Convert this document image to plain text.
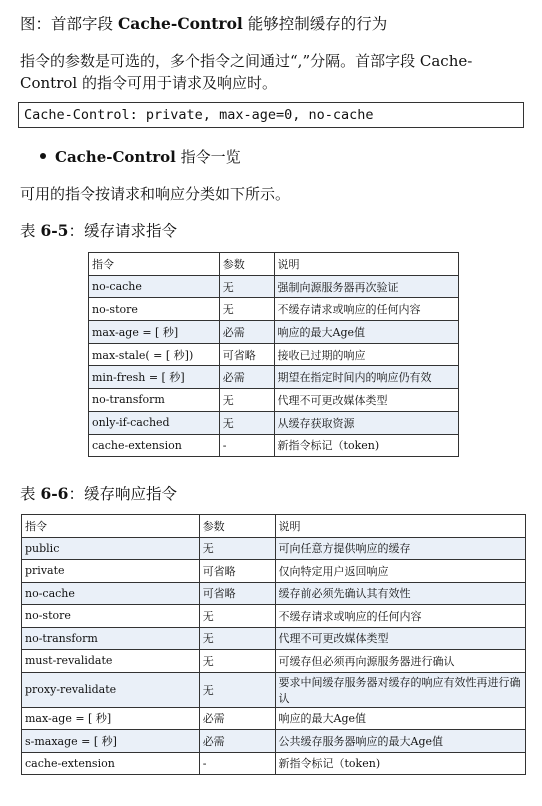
图：首部字段 Cache-Control 能够控制缓存的行为
指令的参数是可选的，多个指令之间通过“,”分隔。首部字段 Cache-Control 的指令可用于请求及响应时。
Cache-Control: private, max-age=0, no-cache
Cache-Control 指令一览
可用的指令按请求和响应分类如下所示。
表 6-5：缓存请求指令
指令	参数	说明
no-cache	无	强制向源服务器再次验证
no-store	无	不缓存请求或响应的任何内容
max-age = [ 秒]	必需	响应的最大Age值
max-stale( = [ 秒])	可省略	接收已过期的响应
min-fresh = [ 秒]	必需	期望在指定时间内的响应仍有效
no-transform	无	代理不可更改媒体类型
only-if-cached	无	从缓存获取资源
cache-extension	-	新指令标记（token)
表 6-6：缓存响应指令
指令	参数	说明
public	无	可向任意方提供响应的缓存
private	可省略	仅向特定用户返回响应
no-cache	可省略	缓存前必须先确认其有效性
no-store	无	不缓存请求或响应的任何内容
no-transform	无	代理不可更改媒体类型
must-revalidate	无	可缓存但必须再向源服务器进行确认
proxy-revalidate	无	要求中间缓存服务器对缓存的响应有效性再进行确认
max-age = [ 秒]	必需	响应的最大Age值
s-maxage = [ 秒]	必需	公共缓存服务器响应的最大Age值
cache-extension	-	新指令标记（token)
